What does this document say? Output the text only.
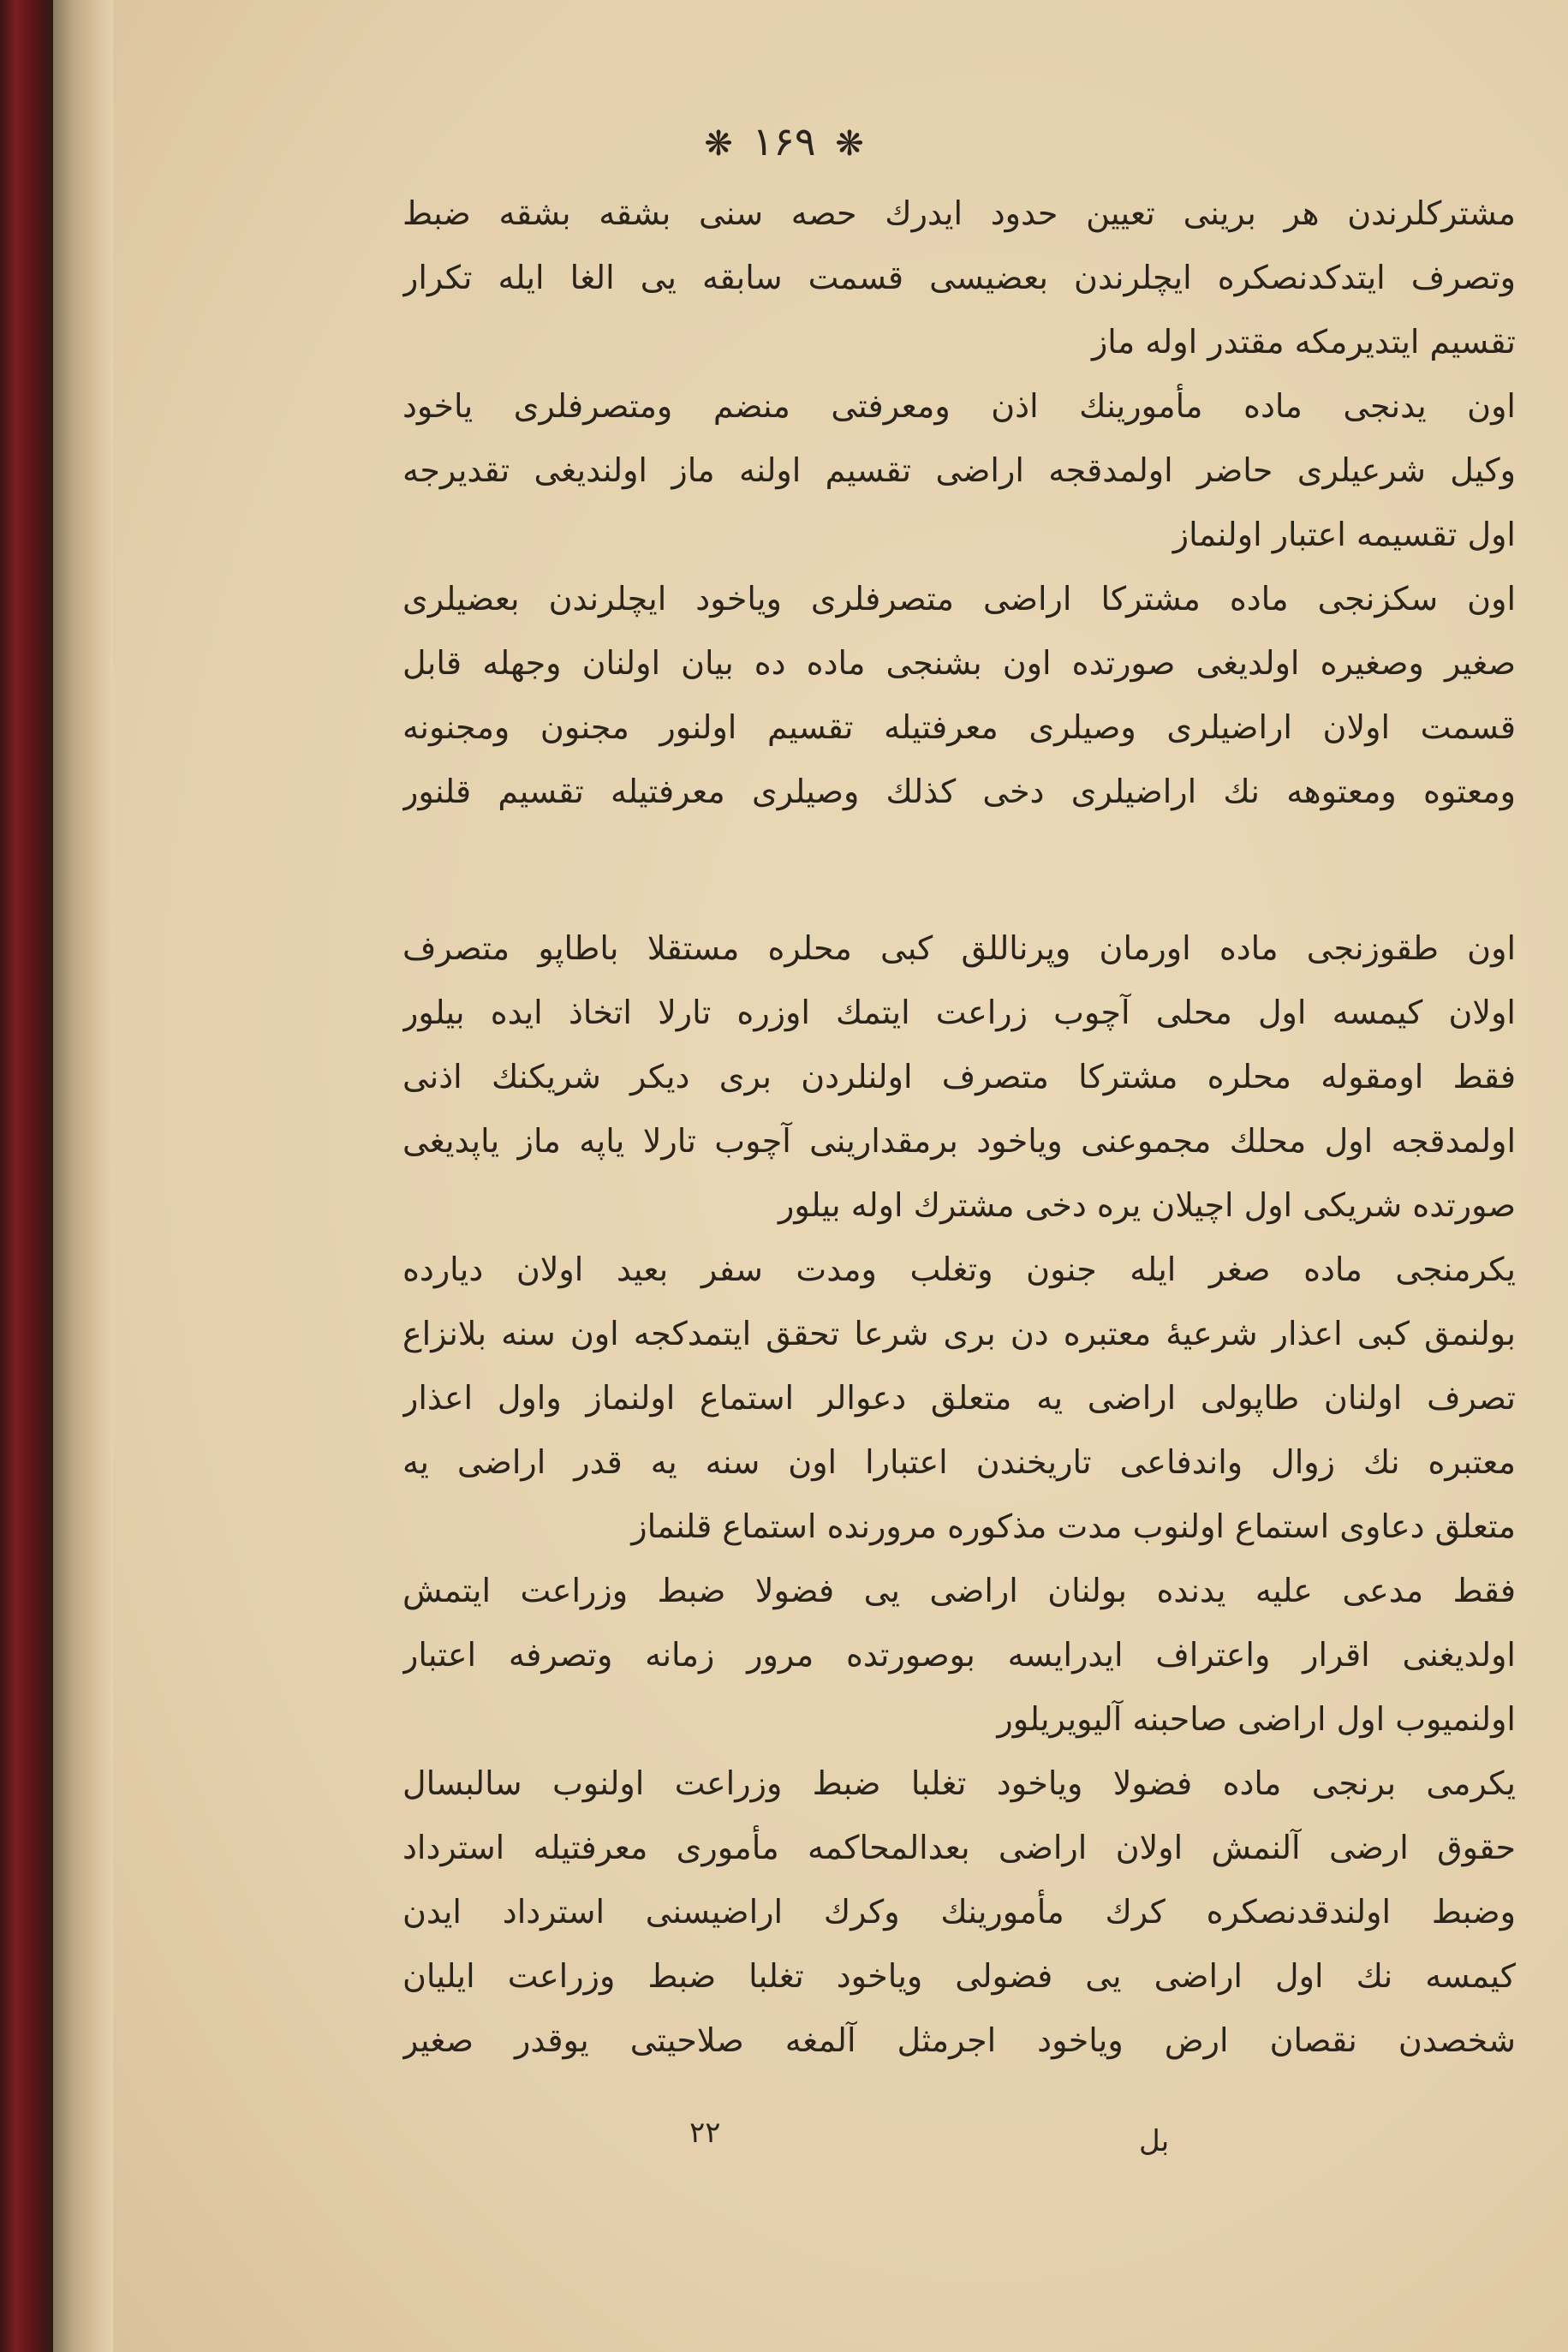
❋ ۱۶۹ ❋
مشترکلرندن هر برینی تعیین حدود ایدرك حصه سنی بشقه بشقه ضبط
وتصرف ایتدکدنصکره ایچلرندن بعضیسی قسمت سابقه یی الغا ایله تکرار
تقسیم ایتدیرمکه مقتدر اوله ماز
اون یدنجی ماده مأمورینك اذن ومعرفتی منضم ومتصرفلری یاخود
وکیل شرعیلری حاضر اولمدقجه اراضی تقسیم اولنه ماز اولندیغی تقدیرجه
اول تقسیمه اعتبار اولنماز
اون سکزنجی ماده مشترکا اراضی متصرفلری ویاخود ایچلرندن بعضیلری
صغیر وصغیره اولدیغی صورتده اون بشنجی ماده ده بیان اولنان وجهله قابل
قسمت اولان اراضیلری وصیلری معرفتیله تقسیم اولنور مجنون ومجنونه
ومعتوه ومعتوهه نك اراضیلری دخی کذلك وصیلری معرفتیله تقسیم قلنور
اون طقوزنجی ماده اورمان وپرناللق کبی محلره مستقلا باطاپو متصرف
اولان کیمسه اول محلی آچوب زراعت ایتمك اوزره تارلا اتخاذ ایده بیلور
فقط اومقوله محلره مشترکا متصرف اولنلردن بری دیکر شریکنك اذنی
اولمدقجه اول محلك مجموعنی ویاخود برمقدارینی آچوب تارلا یاپه ماز یاپدیغی
صورتده شریکی اول اچیلان یره دخی مشترك اوله بیلور
یکرمنجی ماده صغر ایله جنون وتغلب ومدت سفر بعید اولان دیارده
بولنمق کبی اعذار شرعیهٔ معتبره دن بری شرعا تحقق ایتمدکجه اون سنه بلانزاع
تصرف اولنان طاپولی اراضی یه متعلق دعوالر استماع اولنماز واول اعذار
معتبره نك زوال واندفاعی تاریخندن اعتبارا اون سنه یه قدر اراضی یه
متعلق دعاوی استماع اولنوب مدت مذکوره مرورنده استماع قلنماز
فقط مدعی علیه یدنده بولنان اراضی یی فضولا ضبط وزراعت ایتمش
اولدیغنی اقرار واعتراف ایدرایسه بوصورتده مرور زمانه وتصرفه اعتبار
اولنمیوب اول اراضی صاحبنه آلیویریلور
یکرمی برنجی ماده فضولا ویاخود تغلبا ضبط وزراعت اولنوب سالبسال
حقوق ارضی آلنمش اولان اراضی بعدالمحاکمه مأموری معرفتیله استرداد
وضبط اولندقدنصکره کرك مأمورینك وکرك اراضیسنی استرداد ایدن
کیمسه نك اول اراضی یی فضولی ویاخود تغلبا ضبط وزراعت ایلیان
شخصدن نقصان ارض ویاخود اجرمثل آلمغه صلاحیتی یوقدر صغیر
۲۲	بل
